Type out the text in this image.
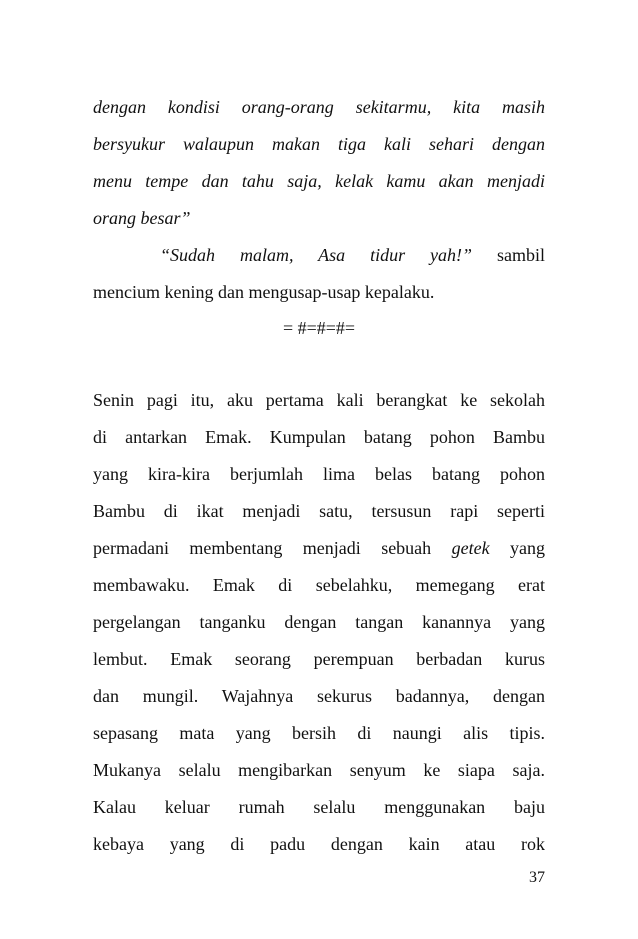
dengan kondisi orang-orang sekitarmu, kita masih
bersyukur walaupun makan tiga kali sehari dengan
menu tempe dan tahu saja, kelak kamu akan menjadi
orang besar”
“Sudah malam, Asa tidur yah!” sambil
mencium kening dan mengusap-usap kepalaku.
= #=#=#=
Senin pagi itu, aku pertama kali berangkat ke sekolah
di antarkan Emak. Kumpulan batang pohon Bambu
yang kira-kira berjumlah lima belas batang pohon
Bambu di ikat menjadi satu, tersusun rapi seperti
permadani membentang menjadi sebuah getek yang
membawaku. Emak di sebelahku, memegang erat
pergelangan tanganku dengan tangan kanannya yang
lembut. Emak seorang perempuan berbadan kurus
dan mungil. Wajahnya sekurus badannya, dengan
sepasang mata yang bersih di naungi alis tipis.
Mukanya selalu mengibarkan senyum ke siapa saja.
Kalau keluar rumah selalu menggunakan baju
kebaya yang di padu dengan kain atau rok
37
